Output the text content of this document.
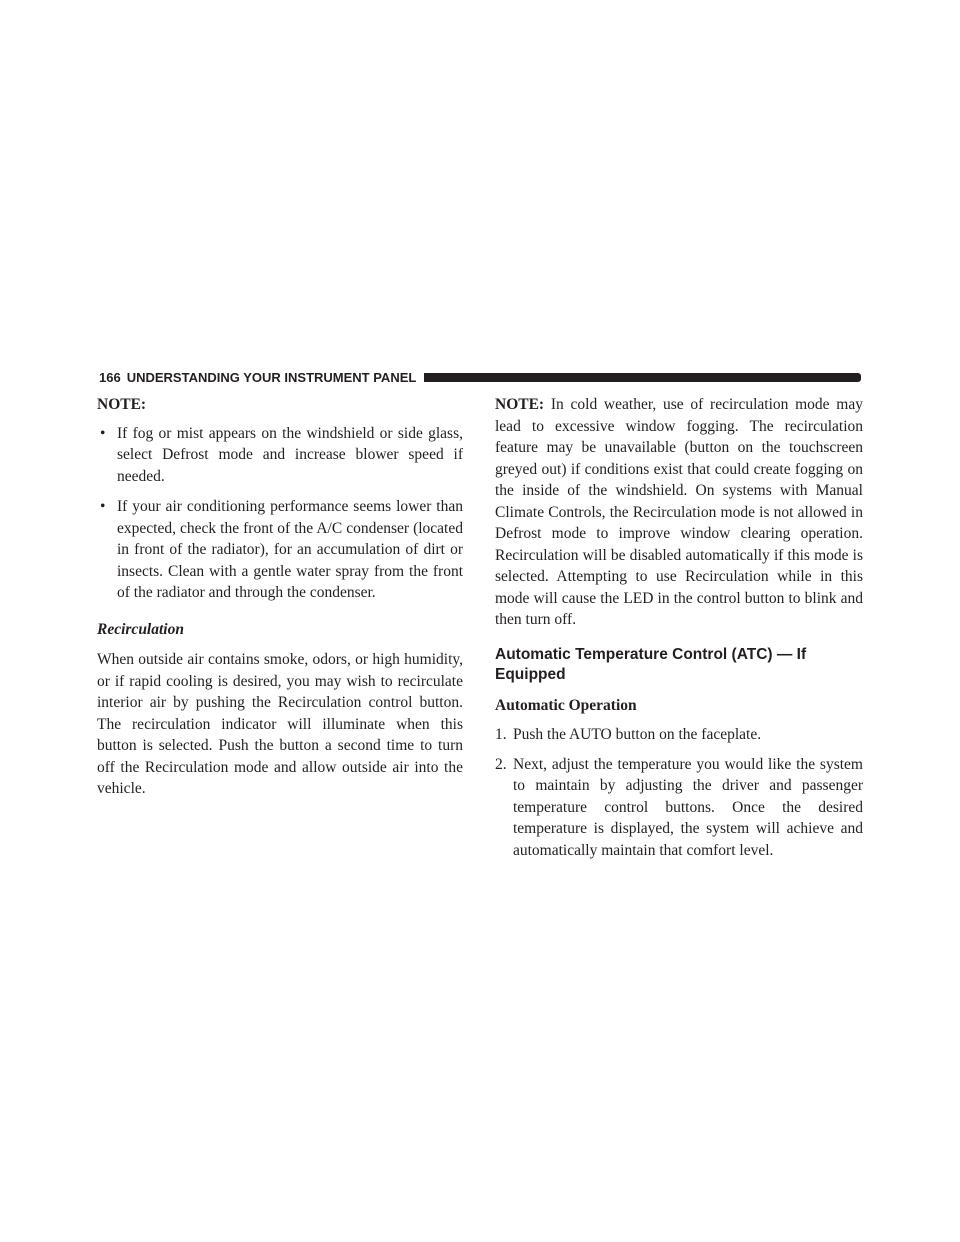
166 UNDERSTANDING YOUR INSTRUMENT PANEL

NOTE:

• If fog or mist appears on the windshield or side glass, select Defrost mode and increase blower speed if needed.
• If your air conditioning performance seems lower than expected, check the front of the A/C condenser (located in front of the radiator), for an accumulation of dirt or insects. Clean with a gentle water spray from the front of the radiator and through the condenser.

Recirculation

When outside air contains smoke, odors, or high humidity, or if rapid cooling is desired, you may wish to recirculate interior air by pushing the Recirculation control button. The recirculation indicator will illuminate when this button is selected. Push the button a second time to turn off the Recirculation mode and allow outside air into the vehicle.

NOTE: In cold weather, use of recirculation mode may lead to excessive window fogging. The recirculation feature may be unavailable (button on the touchscreen greyed out) if conditions exist that could create fogging on the inside of the windshield. On systems with Manual Climate Controls, the Recirculation mode is not allowed in Defrost mode to improve window clearing operation. Recirculation will be disabled automatically if this mode is selected. Attempting to use Recirculation while in this mode will cause the LED in the control button to blink and then turn off.

Automatic Temperature Control (ATC) — If Equipped

Automatic Operation

1. Push the AUTO button on the faceplate.
2. Next, adjust the temperature you would like the system to maintain by adjusting the driver and passenger temperature control buttons. Once the desired temperature is displayed, the system will achieve and automatically maintain that comfort level.
